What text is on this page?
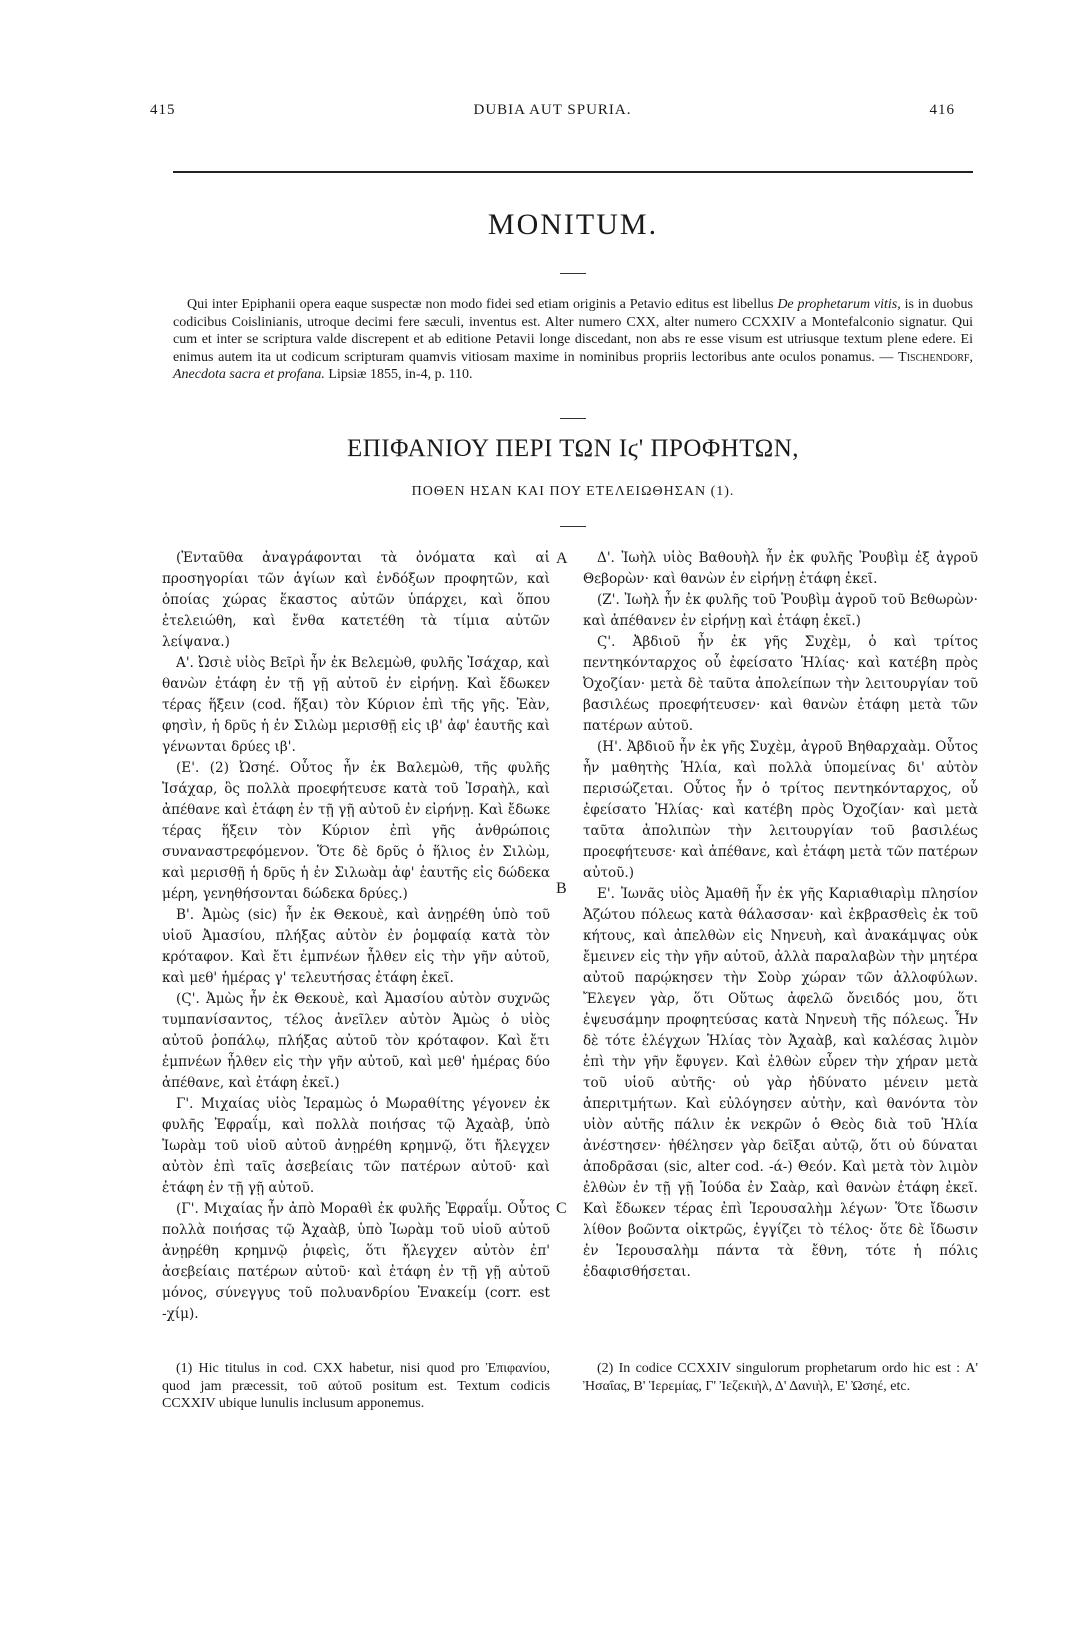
415	DUBIA AUT SPURIA.	416
MONITUM.
Qui inter Epiphanii opera eaque suspectæ non modo fidei sed etiam originis a Petavio editus est libellus De prophetarum vitis, is in duobus codicibus Coislinianis, utroque decimi fere sæculi, inventus est. Alter numero CXX, alter numero CCXXIV a Montefalconio signatur. Qui cum et inter se scriptura valde discrepent et ab editione Petavii longe discedant, non abs re esse visum est utriusque textum plene edere. Ei enimus autem ita ut codicum scripturam quamvis vitiosam maxime in nominibus propriis lectoribus ante oculos ponamus. — Tischendorf, Anecdota sacra et profana. Lipsiæ 1855, in-4, p. 110.
ΕΠΙΦΑΝΙΟΥ ΠΕΡΙ ΤΩΝ Ιϛ' ΠΡΟΦΗΤΩΝ,
ΠΟΘΕΝ ΗΣΑΝ ΚΑΙ ΠΟΥ ΕΤΕΛΕΙΩΘΗΣΑΝ (1).

(Ἐνταῦθα ἀναγράφονται τὰ ὀνόματα καὶ αἱ προσηγορίαι τῶν ἁγίων καὶ ἐνδόξων προφητῶν, καὶ ὁποίας χώρας ἕκαστος αὐτῶν ὑπάρχει, καὶ ὅπου ἐτελειώθη, καὶ ἔνθα κατετέθη τὰ τίμια αὐτῶν λείψανα.)

Α'. Ὠσιὲ υἱὸς Βεῖρὶ ἦν ἐκ Βελεμὼθ, φυλῆς Ἰσάχαρ, καὶ θανὼν ἐτάφη ἐν τῇ γῇ αὐτοῦ ἐν εἰρήνῃ. Καὶ ἔδωκεν τέρας ἥξειν (cod. ἥξαι) τὸν Κύριον ἐπὶ τῆς γῆς. Ἐὰν, φησὶν, ἡ δρῦς ἡ ἐν Σιλὼμ μερισθῇ εἰς ιβ' ἀφ' ἑαυτῆς καὶ γένωνται δρύες ιβ'.

(Ε'. (2) Ὠσηέ. Οὗτος ἦν ἐκ Βαλεμὼθ, τῆς φυλῆς Ἰσάχαρ, ὃς πολλὰ προεφήτευσε κατὰ τοῦ Ἰσραὴλ, καὶ ἀπέθανε καὶ ἐτάφη ἐν τῇ γῇ αὐτοῦ ἐν εἰρήνῃ. Καὶ ἔδωκε τέρας ἥξειν τὸν Κύριον ἐπὶ γῆς ἀνθρώποις συναναστρεφόμενον. Ὅτε δὲ δρῦς ὁ ἥλιος ἐν Σιλὼμ, καὶ μερισθῇ ἡ δρῦς ἡ ἐν Σιλωὰμ ἀφ' ἑαυτῆς εἰς δώδεκα μέρη, γενηθήσονται δώδεκα δρύες.)

Β'. Ἀμὼς (sic) ἦν ἐκ Θεκουὲ, καὶ ἀνῃρέθη ὑπὸ τοῦ υἱοῦ Ἀμασίου, πλήξας αὐτὸν ἐν ῥομφαίᾳ κατὰ τὸν κρόταφον. Καὶ ἔτι ἐμπνέων ἦλθεν εἰς τὴν γῆν αὐτοῦ, καὶ μεθ' ἡμέρας γ' τελευτήσας ἐτάφη ἐκεῖ.

(Ϛ'. Ἀμὼς ἦν ἐκ Θεκουὲ, καὶ Ἀμασίου αὐτὸν συχνῶς τυμπανίσαντος, τέλος ἀνεῖλεν αὐτὸν Ἀμὼς ὁ υἱὸς αὐτοῦ ῥοπάλῳ, πλήξας αὐτοῦ τὸν κρόταφον. Καὶ ἔτι ἐμπνέων ἦλθεν εἰς τὴν γῆν αὐτοῦ, καὶ μεθ' ἡμέρας δύο ἀπέθανε, καὶ ἐτάφη ἐκεῖ.)

Γ'. Μιχαίας υἱὸς Ἰεραμὼς ὁ Μωραθίτης γέγονεν ἐκ φυλῆς Ἐφραΐμ, καὶ πολλὰ ποιήσας τῷ Ἀχαὰβ, ὑπὸ Ἰωρὰμ τοῦ υἱοῦ αὐτοῦ ἀνῃρέθη κρημνῷ, ὅτι ἤλεγχεν αὐτὸν ἐπὶ ταῖς ἀσεβείαις τῶν πατέρων αὐτοῦ· καὶ ἐτάφη ἐν τῇ γῇ αὐτοῦ.

(Γ'. Μιχαίας ἦν ἀπὸ Μοραθὶ ἐκ φυλῆς Ἐφραΐμ. Οὗτος πολλὰ ποιήσας τῷ Ἀχαὰβ, ὑπὸ Ἰωρὰμ τοῦ υἱοῦ αὐτοῦ ἀνῃρέθη κρημνῷ ῥιφεὶς, ὅτι ἤλεγχεν αὐτὸν ἐπ' ἀσεβείαις πατέρων αὐτοῦ· καὶ ἐτάφη ἐν τῇ γῇ αὐτοῦ μόνος, σύνεγγυς τοῦ πολυανδρίου Ἐνακείμ (corr. est -χίμ).

A
B
C

Δ'. Ἰωὴλ υἱὸς Βαθουὴλ ἦν ἐκ φυλῆς Ῥουβὶμ ἐξ ἀγροῦ Θεβορὼν· καὶ θανὼν ἐν εἰρήνῃ ἐτάφη ἐκεῖ.

(Ζ'. Ἰωὴλ ἦν ἐκ φυλῆς τοῦ Ῥουβὶμ ἀγροῦ τοῦ Βεθωρὼν· καὶ ἀπέθανεν ἐν εἰρήνῃ καὶ ἐτάφη ἐκεῖ.)

Ϛ'. Ἀβδιοῦ ἦν ἐκ γῆς Συχὲμ, ὁ καὶ τρίτος πεντηκόνταρχος οὗ ἐφείσατο Ἡλίας· καὶ κατέβη πρὸς Ὀχοζίαν· μετὰ δὲ ταῦτα ἀπολείπων τὴν λειτουργίαν τοῦ βασιλέως προεφήτευσεν· καὶ θανὼν ἐτάφη μετὰ τῶν πατέρων αὐτοῦ.

(Η'. Ἀβδιοῦ ἦν ἐκ γῆς Συχὲμ, ἀγροῦ Βηθαρχαὰμ. Οὗτος ἦν μαθητὴς Ἡλία, καὶ πολλὰ ὑπομείνας δι' αὐτὸν περισώζεται. Οὗτος ἦν ὁ τρίτος πεντηκόνταρχος, οὗ ἐφείσατο Ἡλίας· καὶ κατέβη πρὸς Ὀχοζίαν· καὶ μετὰ ταῦτα ἀπολιπὼν τὴν λειτουργίαν τοῦ βασιλέως προεφήτευσε· καὶ ἀπέθανε, καὶ ἐτάφη μετὰ τῶν πατέρων αὐτοῦ.)

Ε'. Ἰωνᾶς υἱὸς Ἀμαθῆ ἦν ἐκ γῆς Καριαθιαρὶμ πλησίον Ἀζώτου πόλεως κατὰ θάλασσαν· καὶ ἐκβρασθεὶς ἐκ τοῦ κήτους, καὶ ἀπελθὼν εἰς Νηνευὴ, καὶ ἀνακάμψας οὐκ ἔμεινεν εἰς τὴν γῆν αὐτοῦ, ἀλλὰ παραλαβὼν τὴν μητέρα αὐτοῦ παρῴκησεν τὴν Σοὺρ χώραν τῶν ἀλλοφύλων. Ἔλεγεν γὰρ, ὅτι Οὕτως ἀφελῶ ὄνειδός μου, ὅτι ἐψευσάμην προφητεύσας κατὰ Νηνευὴ τῆς πόλεως. Ἦν δὲ τότε ἐλέγχων Ἡλίας τὸν Ἀχαὰβ, καὶ καλέσας λιμὸν ἐπὶ τὴν γῆν ἔφυγεν. Καὶ ἐλθὼν εὗρεν τὴν χήραν μετὰ τοῦ υἱοῦ αὐτῆς· οὐ γὰρ ἠδύνατο μένειν μετὰ ἀπεριτμήτων. Καὶ εὐλόγησεν αὐτὴν, καὶ θανόντα τὸν υἱὸν αὐτῆς πάλιν ἐκ νεκρῶν ὁ Θεὸς διὰ τοῦ Ἡλία ἀνέστησεν· ἠθέλησεν γὰρ δεῖξαι αὐτῷ, ὅτι οὐ δύναται ἀποδρᾶσαι (sic, alter cod. -ά-) Θεόν. Καὶ μετὰ τὸν λιμὸν ἐλθὼν ἐν τῇ γῇ Ἰούδα ἐν Σαὰρ, καὶ θανὼν ἐτάφη ἐκεῖ. Καὶ ἔδωκεν τέρας ἐπὶ Ἱερουσαλὴμ λέγων· Ὅτε ἴδωσιν λίθον βοῶντα οἰκτρῶς, ἐγγίζει τὸ τέλος· ὅτε δὲ ἴδωσιν ἐν Ἱερουσαλὴμ πάντα τὰ ἔθνη, τότε ἡ πόλις ἐδαφισθήσεται.

(1) Hic titulus in cod. CXX habetur, nisi quod pro Ἐπιφανίου, quod jam præcessit, τοῦ αὐτοῦ positum est. Textum codicis CCXXIV ubique lunulis inclusum apponemus.

(2) In codice CCXXIV singulorum prophetarum ordo hic est : Α' Ἠσαΐας, Β' Ἱερεμίας, Γ' Ἰεζεκιὴλ, Δ' Δανιὴλ, Ε' Ὠσηέ, etc.
